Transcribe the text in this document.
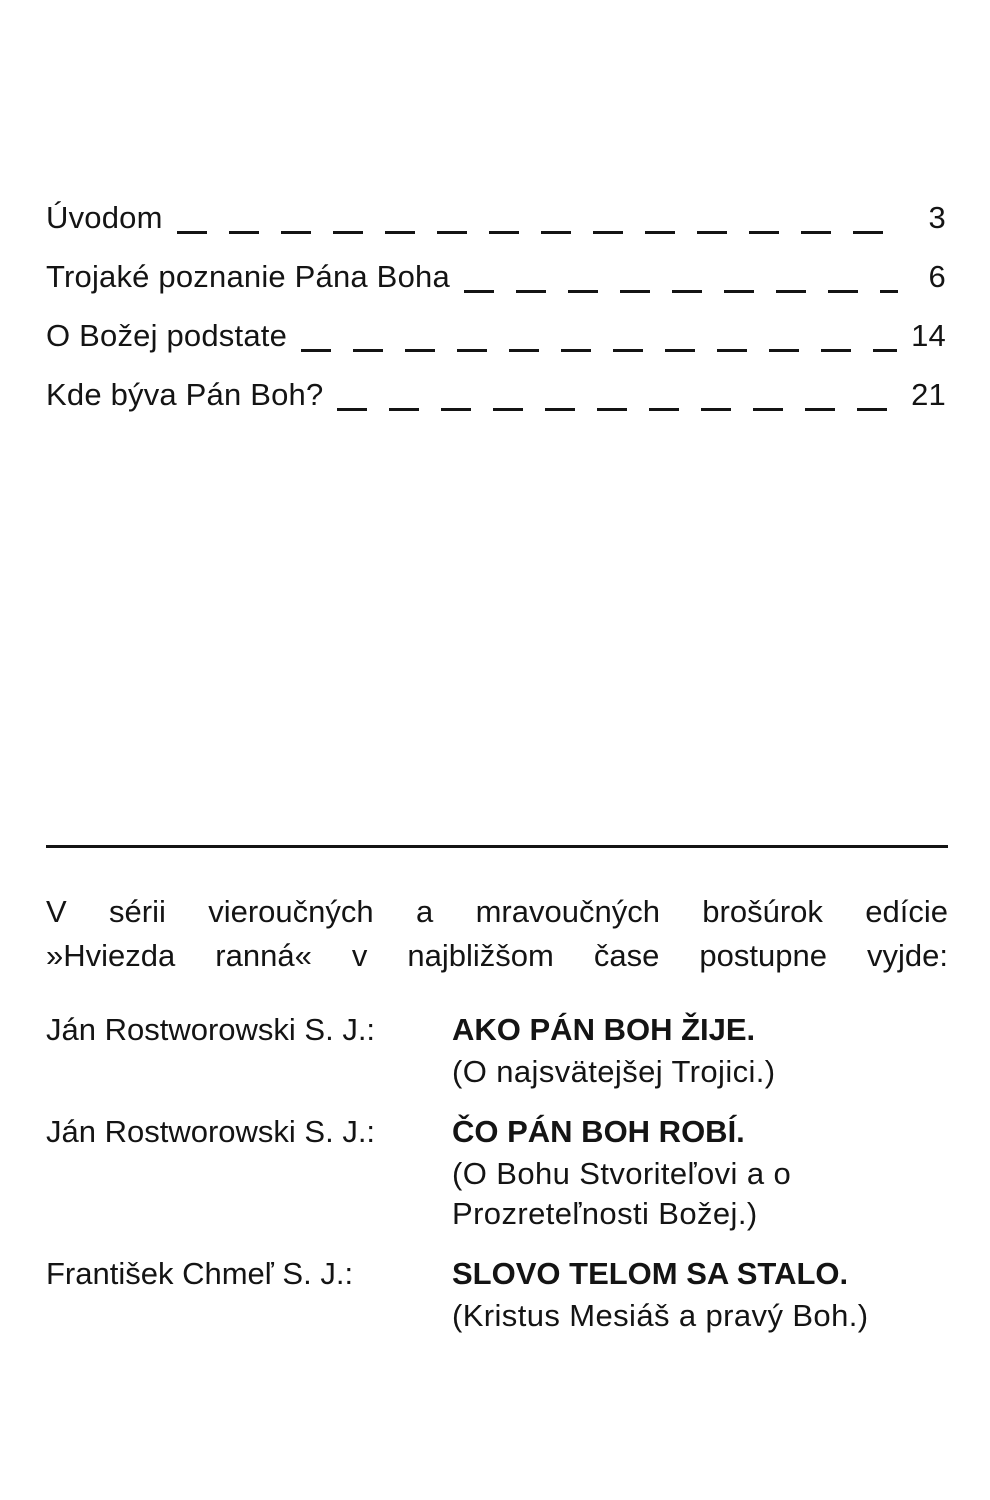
Úvodom	3
Trojaké poznanie Pána Boha	6
O Božej podstate	14
Kde býva Pán Boh?	21
V sérii vieroučných a mravoučných brošúrok edície
»Hviezda ranná« v najbližšom čase postupne vyjde:
Ján Rostworowski S. J.:	AKO PÁN BOH ŽIJE.
(O najsvätejšej Trojici.)
Ján Rostworowski S. J.:	ČO PÁN BOH ROBÍ.
(O Bohu Stvoriteľovi a o Prozreteľnosti Božej.)
František Chmeľ S. J.:	SLOVO TELOM SA STALO.
(Kristus Mesiáš a pravý Boh.)
